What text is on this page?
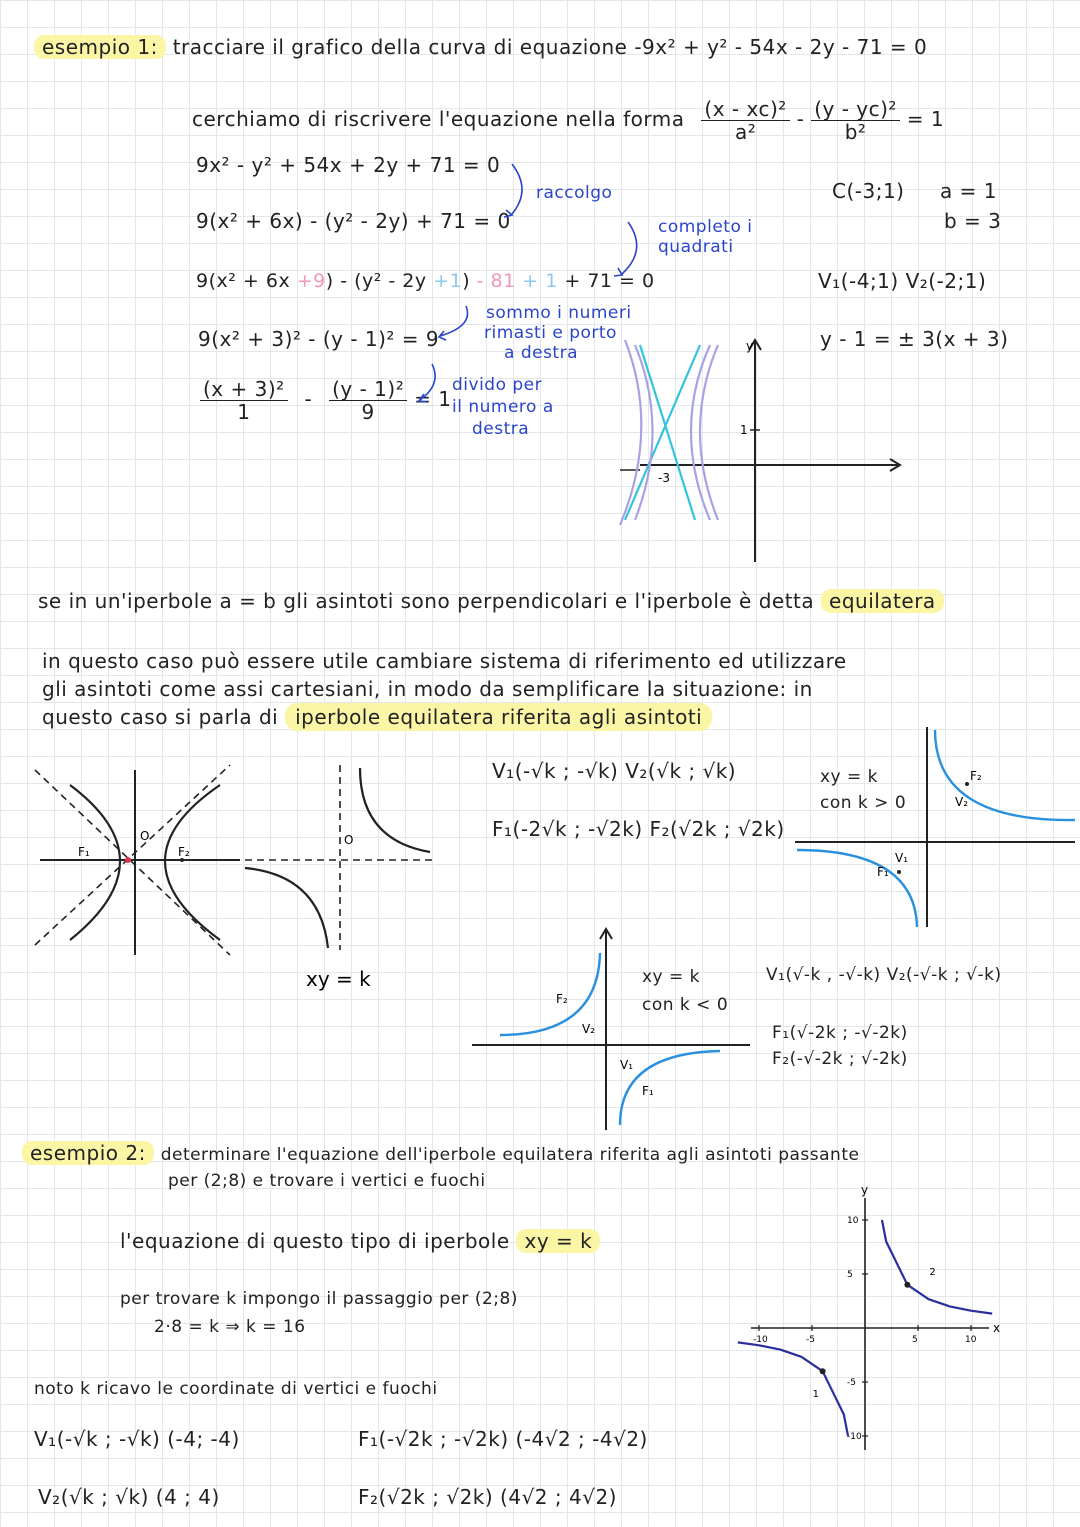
esempio 1: tracciare il grafico della curva di equazione -9x² + y² - 54x - 2y - 71 = 0
cerchiamo di riscrivere l'equazione nella forma $\frac{\text{(x - xc)²}}{\text{a²}} - \frac{\text{(y - yc)²}}{\text{b²}} = 1$
9x² - y² + 54x + 2y + 71 = 0
9(x² + 6x) - (y² - 2y) + 71 = 0
9(x² + 6x +9) - (y² - 2y +1) - 81 + 1 + 71 = 0
9(x² + 3)² - (y - 1)² = 9
$\frac{\text{(x + 3)²}}{1} - \frac{\text{(y - 1)²}}{9} = 1$
raccolgo
completo i
quadrati
sommo i numeri
rimasti e porto
a destra
divido per
il numero a
destra
C(-3;1) a = 1
b = 3
V₁(-4;1) V₂(-2;1)
y - 1 = ± 3(x + 3)
y
1
-3
se in un'iperbole a = b gli asintoti sono perpendicolari e l'iperbole è detta equilatera
in questo caso può essere utile cambiare sistema di riferimento ed utilizzare
gli asintoti come assi cartesiani, in modo da semplificare la situazione: in
questo caso si parla di iperbole equilatera riferita agli asintoti
F₁	F₂
O	O
xy = k
V₁(-√k ; -√k) V₂(√k ; √k)
F₁(-2√k ; -√2k) F₂(√2k ; √2k)
xy = k
con k > 0
F₂
V₂
V₁
F₁
F₂
V₂
V₁
F₁
xy = k
con k < 0
V₁(√-k , -√-k) V₂(-√-k ; √-k)
F₁(√-2k ; -√-2k)
F₂(-√-2k ; √-2k)
esempio 2: determinare l'equazione dell'iperbole equilatera riferita agli asintoti passante
per (2;8) e trovare i vertici e fuochi
l'equazione di questo tipo di iperbole xy = k
per trovare k impongo il passaggio per (2;8)
2·8 = k ⇒ k = 16
noto k ricavo le coordinate di vertici e fuochi
V₁(-√k ; -√k) (-4; -4)
V₂(√k ; √k) (4 ; 4)
F₁(-√2k ; -√2k) (-4√2 ; -4√2)
F₂(√2k ; √2k) (4√2 ; 4√2)
x
y
-10	-5	5	10
10
5
-5
-10
2
1
